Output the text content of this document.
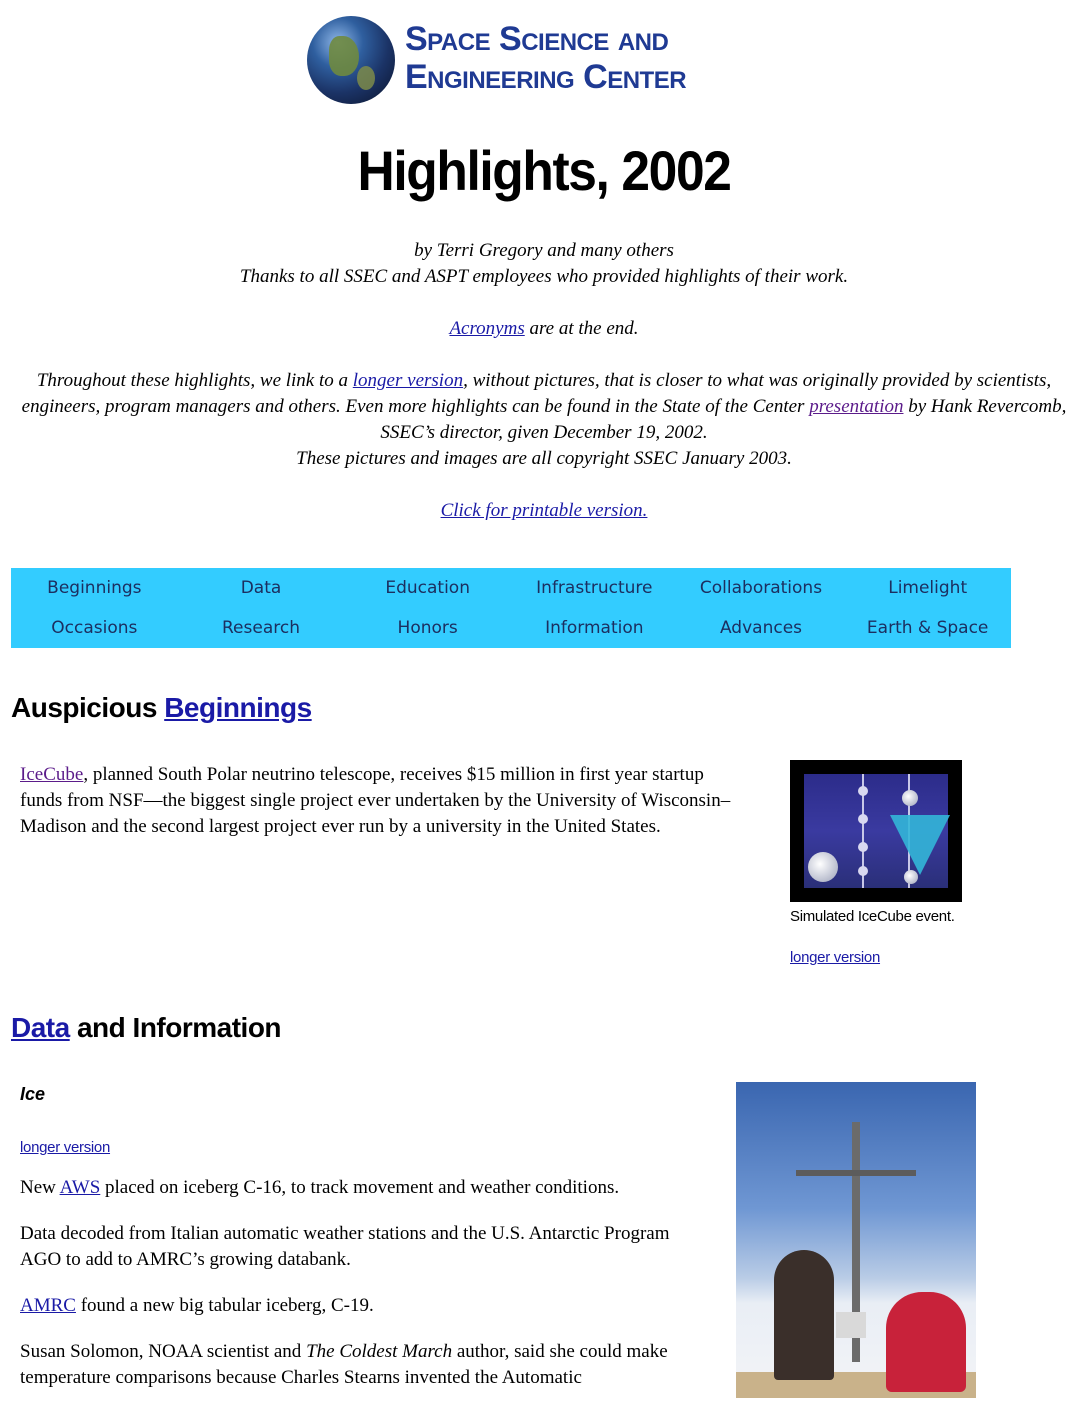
Space Science and
Engineering Center
Highlights, 2002

by Terri Gregory and many others
Thanks to all SSEC and ASPT employees who provided highlights of their work.

Acronyms are at the end.

Throughout these highlights, we link to a longer version, without pictures, that is closer to what was originally provided by scientists, engineers, program managers and others. Even more highlights can be found in the State of the Center presentation by Hank Revercomb, SSEC’s director, given December 19, 2002.
These pictures and images are all copyright SSEC January 2003.

Click for printable version.

Beginnings	Data	Education	Infrastructure	Collaborations	Limelight
Occasions	Research	Honors	Information	Advances	Earth & Space
Auspicious Beginnings
IceCube, planned South Polar neutrino telescope, receives $15 million in first year startup funds from NSF—the biggest single project ever undertaken by the University of Wisconsin–Madison and the second largest project ever run by a university in the United States.
Simulated IceCube event.
longer version
Data and Information
Ice

longer version

New AWS placed on iceberg C-16, to track movement and weather conditions.

Data decoded from Italian automatic weather stations and the U.S. Antarctic Program AGO to add to AMRC’s growing databank.

AMRC found a new big tabular iceberg, C-19.

Susan Solomon, NOAA scientist and The Coldest March author, said she could make temperature comparisons because Charles Stearns invented the Automatic
